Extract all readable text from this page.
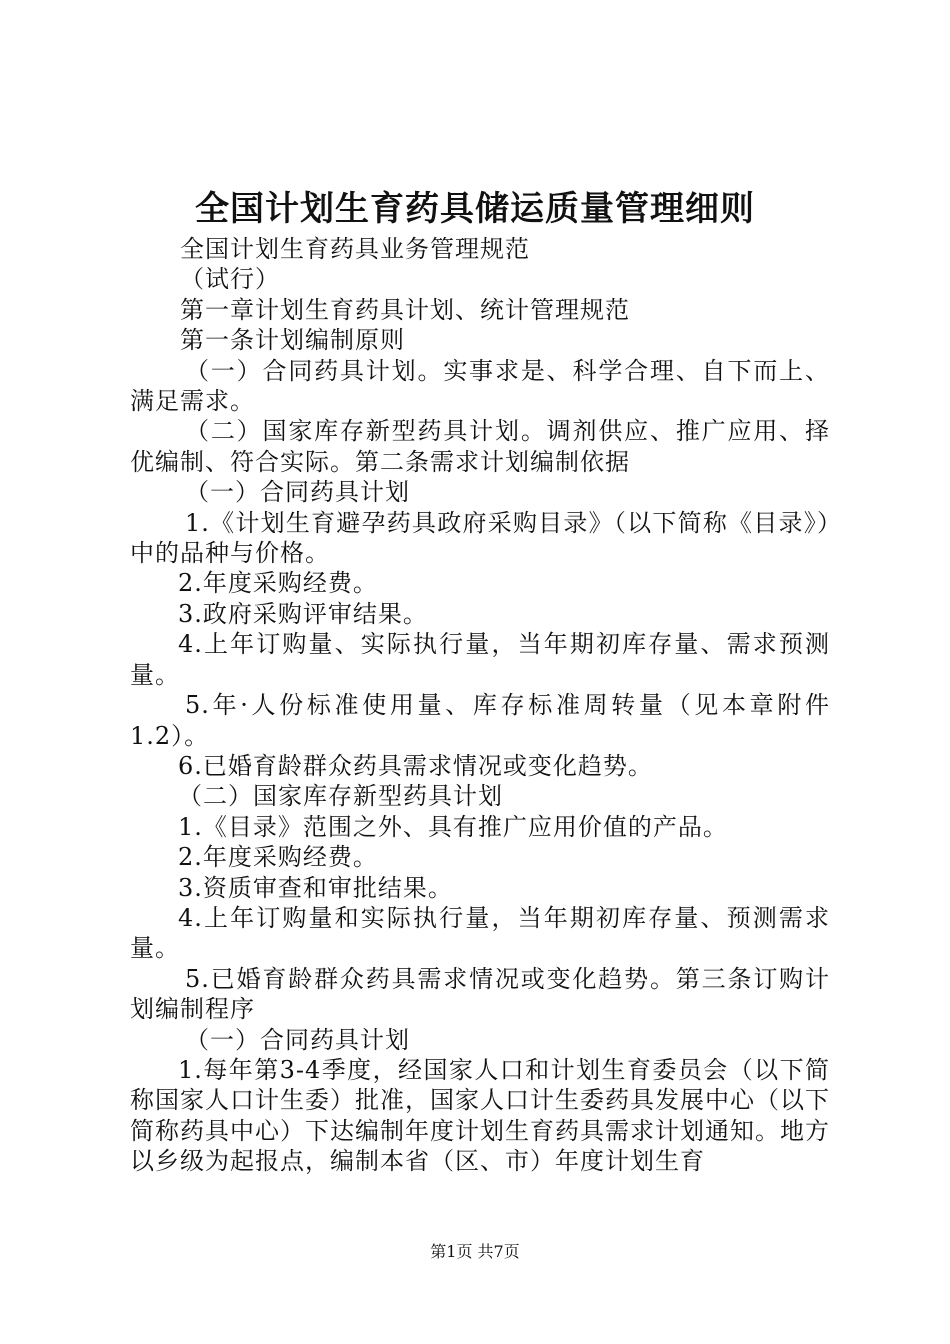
全国计划生育药具储运质量管理细则

全国计划生育药具业务管理规范

（试行）

第一章计划生育药具计划、统计管理规范

第一条计划编制原则

（一）合同药具计划。实事求是、科学合理、自下而上、满足需求。

（二）国家库存新型药具计划。调剂供应、推广应用、择优编制、符合实际。第二条需求计划编制依据

（一）合同药具计划

1.《计划生育避孕药具政府采购目录》（以下简称《目录》）中的品种与价格。

2.年度采购经费。

3.政府采购评审结果。

4.上年订购量、实际执行量，当年期初库存量、需求预测量。

5.年·人份标准使用量、库存标准周转量（见本章附件1.2）。

6.已婚育龄群众药具需求情况或变化趋势。

（二）国家库存新型药具计划

1.《目录》范围之外、具有推广应用价值的产品。

2.年度采购经费。

3.资质审查和审批结果。

4.上年订购量和实际执行量，当年期初库存量、预测需求量。

5.已婚育龄群众药具需求情况或变化趋势。第三条订购计划编制程序

（一）合同药具计划

1.每年第3-4季度，经国家人口和计划生育委员会（以下简称国家人口计生委）批准，国家人口计生委药具发展中心（以下简称药具中心）下达编制年度计划生育药具需求计划通知。地方以乡级为起报点，编制本省（区、市）年度计划生育

第1页 共7页
